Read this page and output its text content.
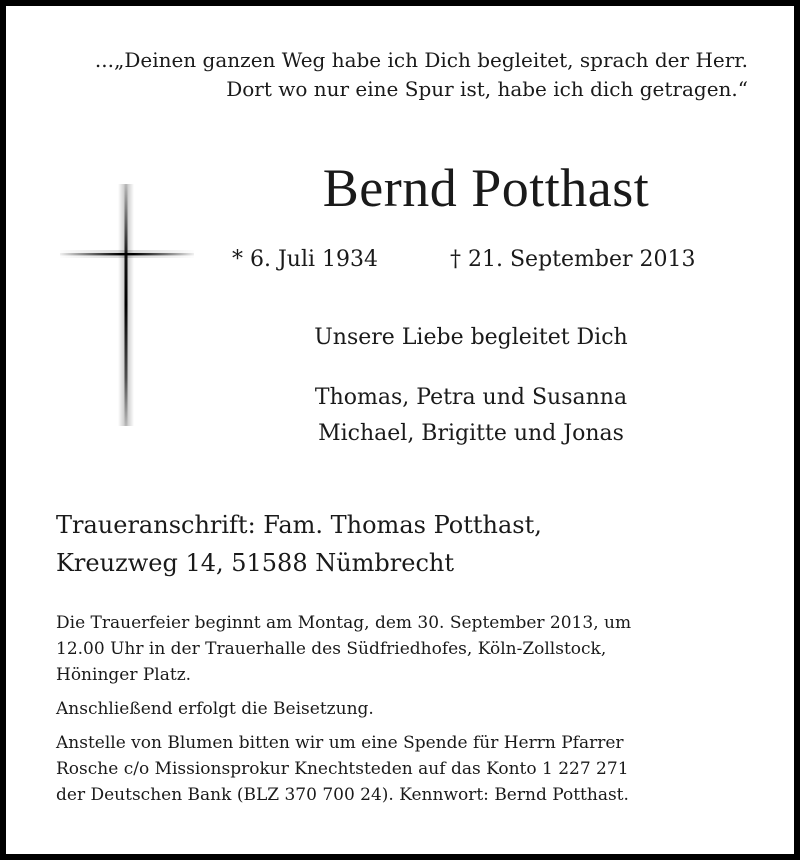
...„Deinen ganzen Weg habe ich Dich begleitet, sprach der Herr.
Dort wo nur eine Spur ist, habe ich dich getragen.“
Bernd Potthast
* 6. Juli 1934	† 21. September 2013
Unsere Liebe begleitet Dich
Thomas, Petra und Susanna
Michael, Brigitte und Jonas
Traueranschrift: Fam. Thomas Potthast,
Kreuzweg 14, 51588 Nümbrecht
Die Trauerfeier beginnt am Montag, dem 30. September 2013, um
12.00 Uhr in der Trauerhalle des Südfriedhofes, Köln-Zollstock,
Höninger Platz.
Anschließend erfolgt die Beisetzung.
Anstelle von Blumen bitten wir um eine Spende für Herrn Pfarrer
Rosche c/o Missionsprokur Knechtsteden auf das Konto 1 227 271
der Deutschen Bank (BLZ 370 700 24). Kennwort: Bernd Potthast.
